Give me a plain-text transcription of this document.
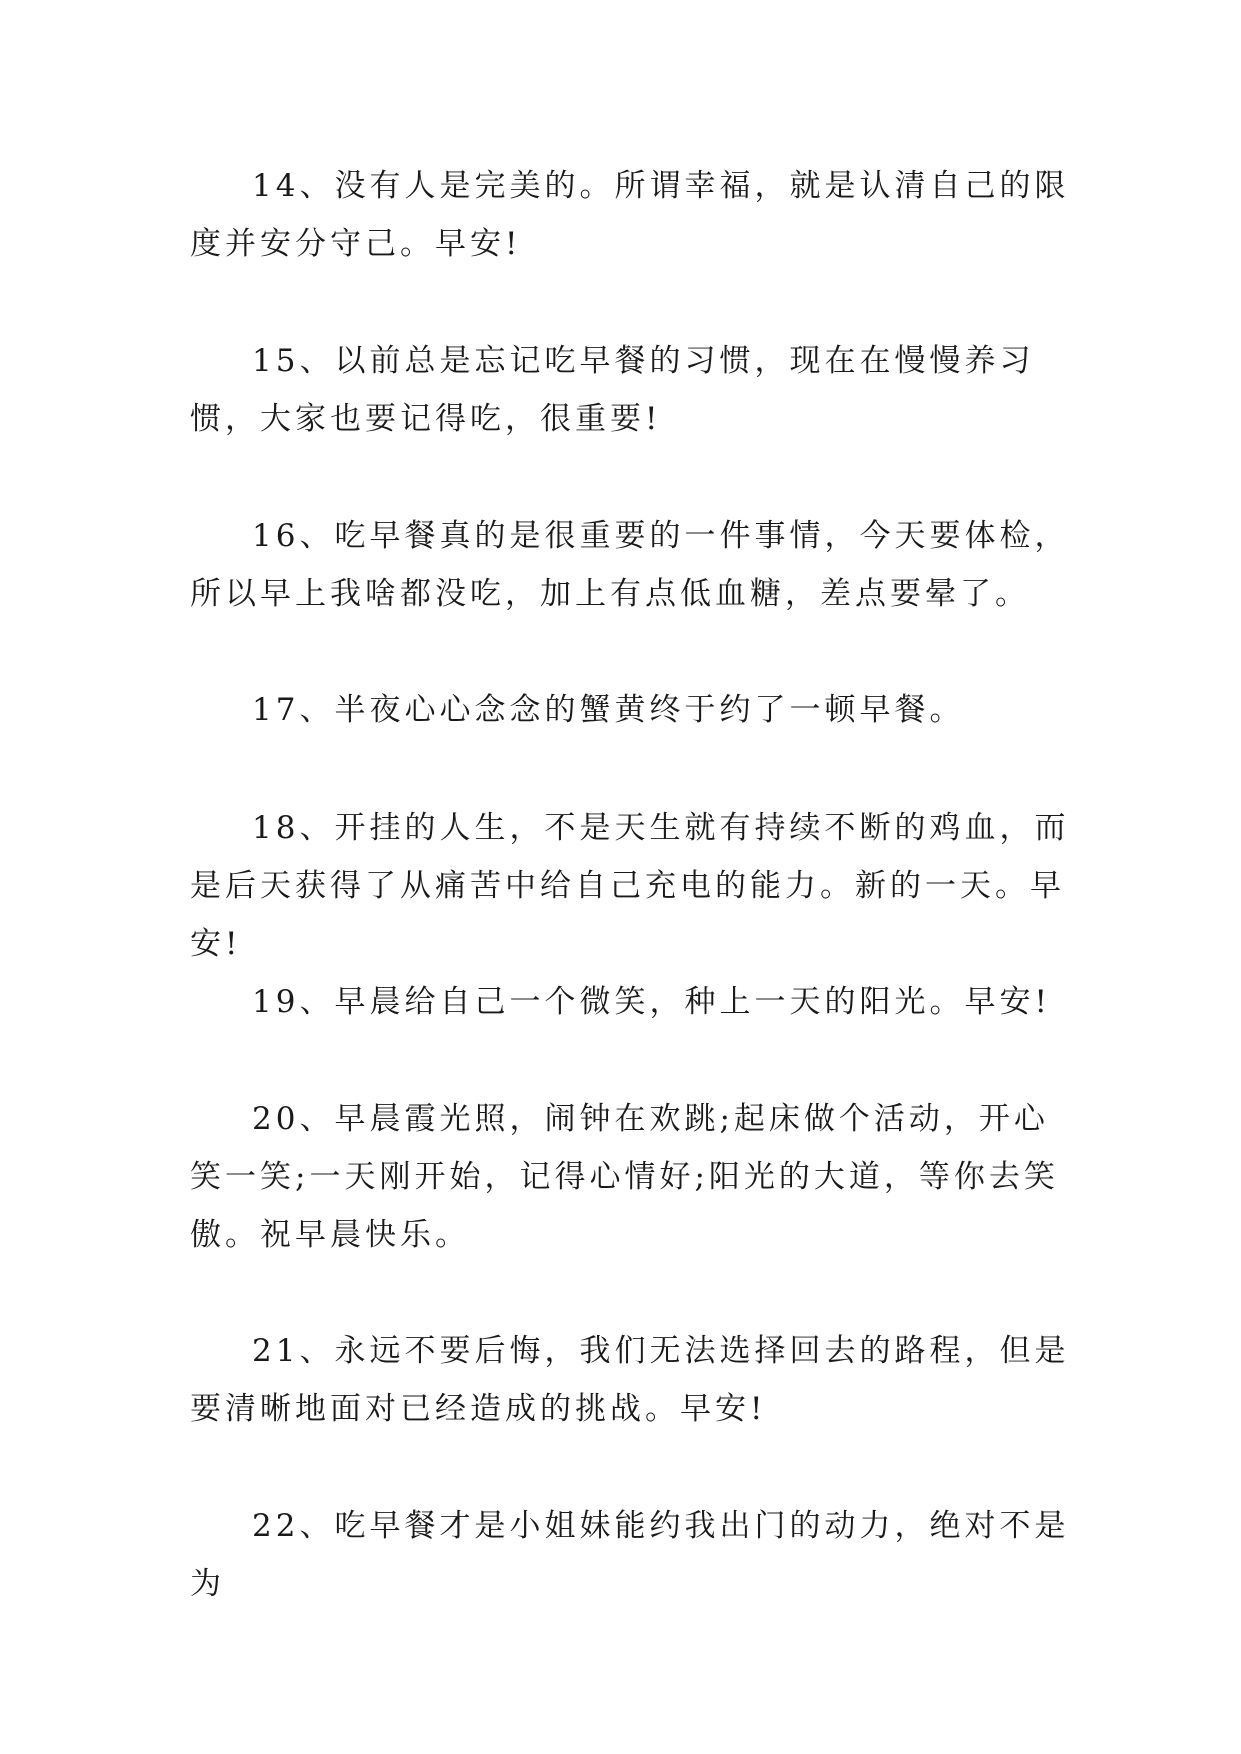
14、没有人是完美的。所谓幸福，就是认清自己的限度并安分守己。早安!

15、以前总是忘记吃早餐的习惯，现在在慢慢养习惯，大家也要记得吃，很重要!

16、吃早餐真的是很重要的一件事情，今天要体检，所以早上我啥都没吃，加上有点低血糖，差点要晕了。

17、半夜心心念念的蟹黄终于约了一顿早餐。

18、开挂的人生，不是天生就有持续不断的鸡血，而是后天获得了从痛苦中给自己充电的能力。新的一天。早安!

19、早晨给自己一个微笑，种上一天的阳光。早安!

20、早晨霞光照，闹钟在欢跳;起床做个活动，开心笑一笑;一天刚开始，记得心情好;阳光的大道，等你去笑傲。祝早晨快乐。

21、永远不要后悔，我们无法选择回去的路程，但是要清晰地面对已经造成的挑战。早安!

22、吃早餐才是小姐妹能约我出门的动力，绝对不是为
